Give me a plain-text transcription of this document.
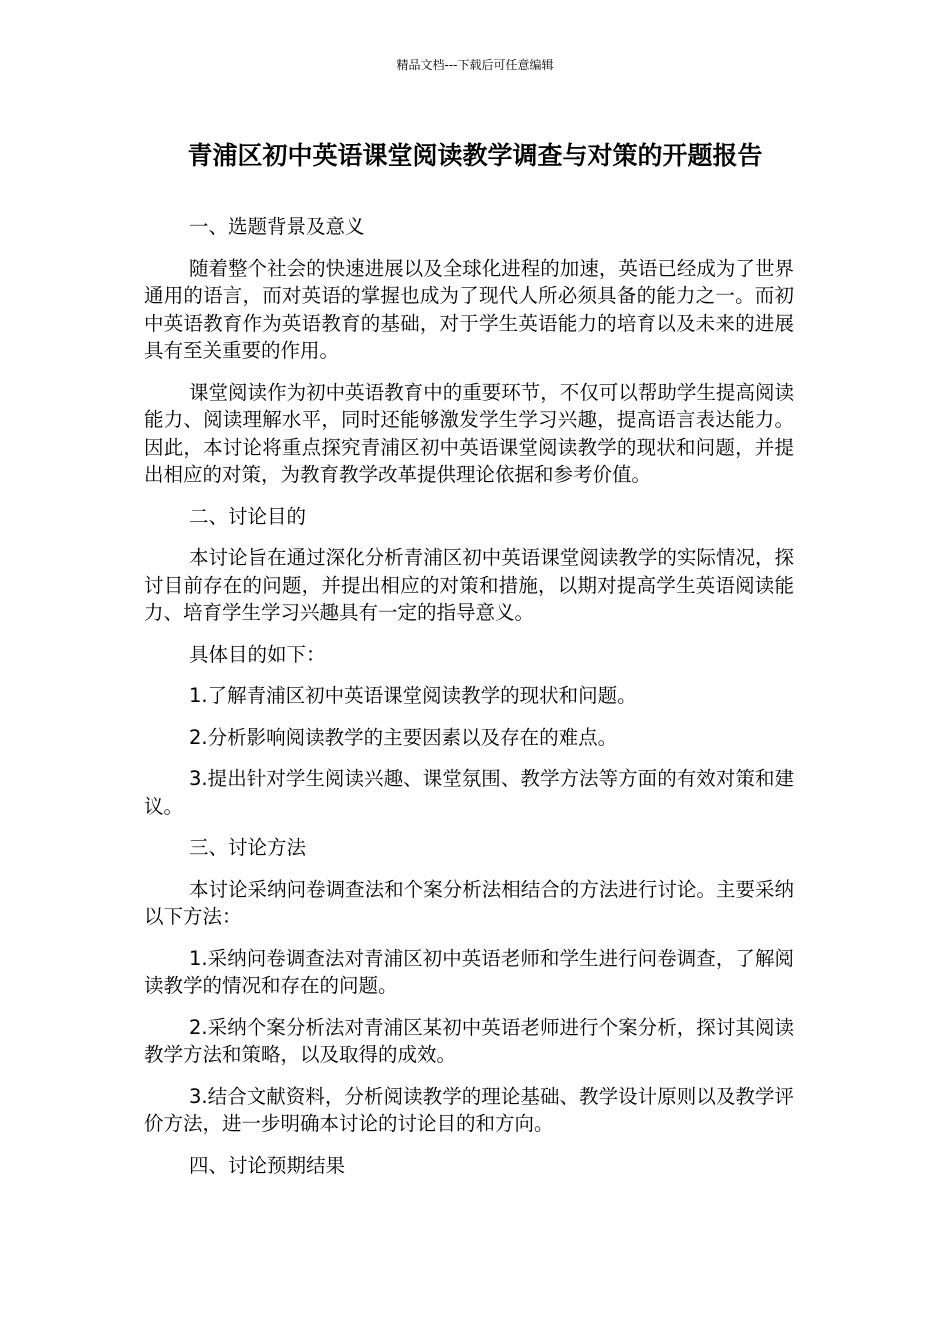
精品文档---下载后可任意编辑
青浦区初中英语课堂阅读教学调查与对策的开题报告

一、选题背景及意义

随着整个社会的快速进展以及全球化进程的加速，英语已经成为了世界通用的语言，而对英语的掌握也成为了现代人所必须具备的能力之一。而初中英语教育作为英语教育的基础，对于学生英语能力的培育以及未来的进展具有至关重要的作用。

课堂阅读作为初中英语教育中的重要环节，不仅可以帮助学生提高阅读能力、阅读理解水平，同时还能够激发学生学习兴趣，提高语言表达能力。因此，本讨论将重点探究青浦区初中英语课堂阅读教学的现状和问题，并提出相应的对策，为教育教学改革提供理论依据和参考价值。

二、讨论目的

本讨论旨在通过深化分析青浦区初中英语课堂阅读教学的实际情况，探讨目前存在的问题，并提出相应的对策和措施，以期对提高学生英语阅读能力、培育学生学习兴趣具有一定的指导意义。

具体目的如下：

1.了解青浦区初中英语课堂阅读教学的现状和问题。

2.分析影响阅读教学的主要因素以及存在的难点。

3.提出针对学生阅读兴趣、课堂氛围、教学方法等方面的有效对策和建议。

三、讨论方法

本讨论采纳问卷调查法和个案分析法相结合的方法进行讨论。主要采纳以下方法：

1.采纳问卷调查法对青浦区初中英语老师和学生进行问卷调查，了解阅读教学的情况和存在的问题。

2.采纳个案分析法对青浦区某初中英语老师进行个案分析，探讨其阅读教学方法和策略，以及取得的成效。

3.结合文献资料，分析阅读教学的理论基础、教学设计原则以及教学评价方法，进一步明确本讨论的讨论目的和方向。

四、讨论预期结果
